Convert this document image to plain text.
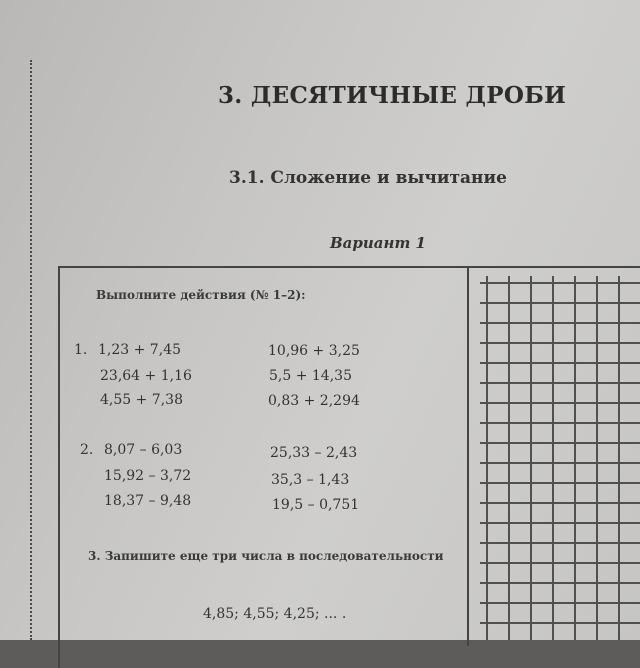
3. ДЕСЯТИЧНЫЕ ДРОБИ
3.1. Сложение и вычитание
Вариант 1
Выполните действия (№ 1–2):
1. 1,23 + 7,45
23,64 + 1,16
4,55 + 7,38
10,96 + 3,25
5,5 + 14,35
0,83 + 2,294
2. 8,07 – 6,03
15,92 – 3,72
18,37 – 9,48
25,33 – 2,43
35,3 – 1,43
19,5 – 0,751
3. Запишите еще три числа в последовательности
4,85; 4,55; 4,25; ... .
